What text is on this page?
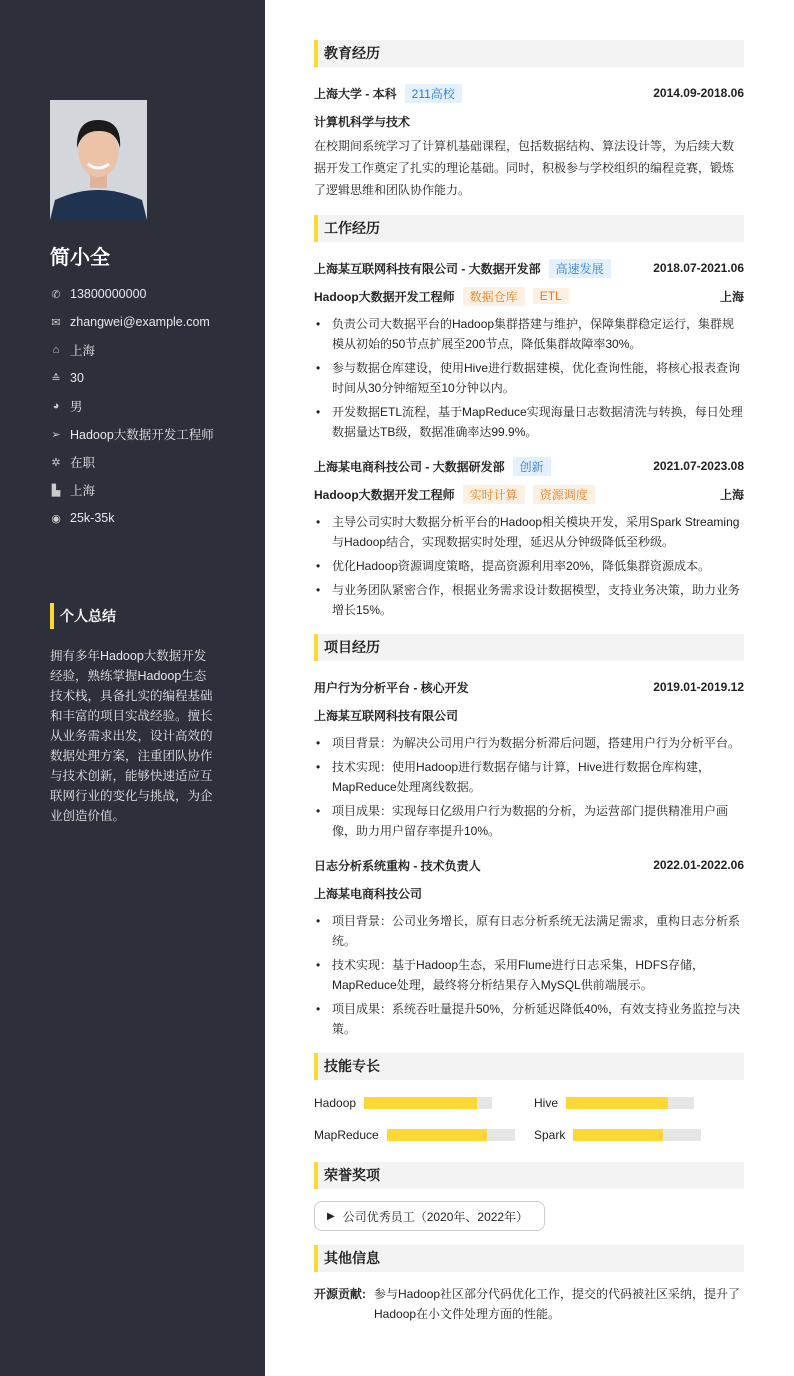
简小全
✆ 13800000000
✉ zhangwei@example.com
⌂ 上海
≙ 30
◕ 男
➢ Hadoop大数据开发工程师
✲ 在职
▙ 上海
◉ 25k-35k
个人总结
拥有多年Hadoop大数据开发经验，熟练掌握Hadoop生态技术栈，具备扎实的编程基础和丰富的项目实战经验。擅长从业务需求出发，设计高效的数据处理方案，注重团队协作与技术创新，能够快速适应互联网行业的变化与挑战，为企业创造价值。
教育经历
上海大学 - 本科	211高校	2014.09-2018.06
计算机科学与技术
在校期间系统学习了计算机基础课程，包括数据结构、算法设计等，为后续大数据开发工作奠定了扎实的理论基础。同时，积极参与学校组织的编程竞赛，锻炼了逻辑思维和团队协作能力。
工作经历
上海某互联网科技有限公司 - 大数据开发部	高速发展	2018.07-2021.06
Hadoop大数据开发工程师	数据仓库	ETL	上海
• 负责公司大数据平台的Hadoop集群搭建与维护，保障集群稳定运行，集群规模从初始的50节点扩展至200节点，降低集群故障率30%。
• 参与数据仓库建设，使用Hive进行数据建模，优化查询性能，将核心报表查询时间从30分钟缩短至10分钟以内。
• 开发数据ETL流程，基于MapReduce实现海量日志数据清洗与转换，每日处理数据量达TB级，数据准确率达99.9%。
上海某电商科技公司 - 大数据研发部	创新	2021.07-2023.08
Hadoop大数据开发工程师	实时计算	资源调度	上海
• 主导公司实时大数据分析平台的Hadoop相关模块开发，采用Spark Streaming与Hadoop结合，实现数据实时处理，延迟从分钟级降低至秒级。
• 优化Hadoop资源调度策略，提高资源利用率20%，降低集群资源成本。
• 与业务团队紧密合作，根据业务需求设计数据模型，支持业务决策，助力业务增长15%。
项目经历
用户行为分析平台 - 核心开发	2019.01-2019.12
上海某互联网科技有限公司
• 项目背景：为解决公司用户行为数据分析滞后问题，搭建用户行为分析平台。
• 技术实现：使用Hadoop进行数据存储与计算，Hive进行数据仓库构建，MapReduce处理离线数据。
• 项目成果：实现每日亿级用户行为数据的分析，为运营部门提供精准用户画像，助力用户留存率提升10%。
日志分析系统重构 - 技术负责人	2022.01-2022.06
上海某电商科技公司
• 项目背景：公司业务增长，原有日志分析系统无法满足需求，重构日志分析系统。
• 技术实现：基于Hadoop生态，采用Flume进行日志采集，HDFS存储，MapReduce处理，最终将分析结果存入MySQL供前端展示。
• 项目成果：系统吞吐量提升50%，分析延迟降低40%，有效支持业务监控与决策。
技能专长
Hadoop	Hive
MapReduce	Spark
荣誉奖项
▶ 公司优秀员工（2020年、2022年）
其他信息
开源贡献: 参与Hadoop社区部分代码优化工作，提交的代码被社区采纳，提升了Hadoop在小文件处理方面的性能。
